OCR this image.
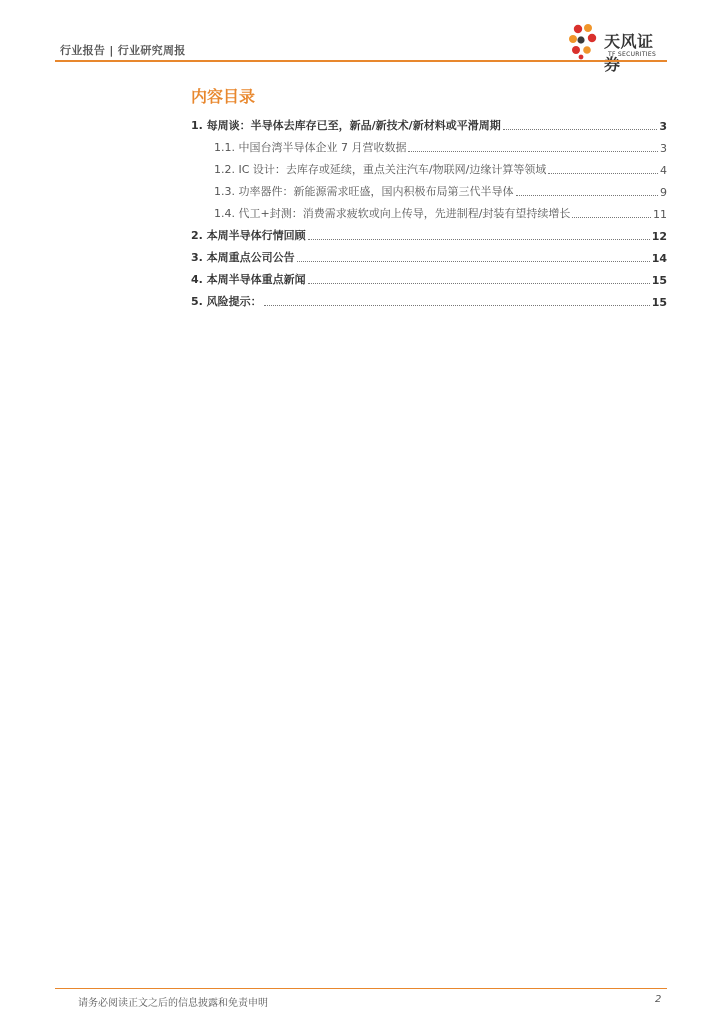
行业报告 | 行业研究周报	天风证券
TF SECURITIES
内容目录
1. 每周谈：半导体去库存已至，新品/新技术/新材料或平滑周期	3
1.1. 中国台湾半导体企业 7 月营收数据	3
1.2. IC 设计：去库存或延续，重点关注汽车/物联网/边缘计算等领域	4
1.3. 功率器件：新能源需求旺盛，国内积极布局第三代半导体	9
1.4. 代工+封测：消费需求疲软或向上传导，先进制程/封装有望持续增长	11
2. 本周半导体行情回顾	12
3. 本周重点公司公告	14
4. 本周半导体重点新闻	15
5. 风险提示：	15
请务必阅读正文之后的信息披露和免责申明	2
